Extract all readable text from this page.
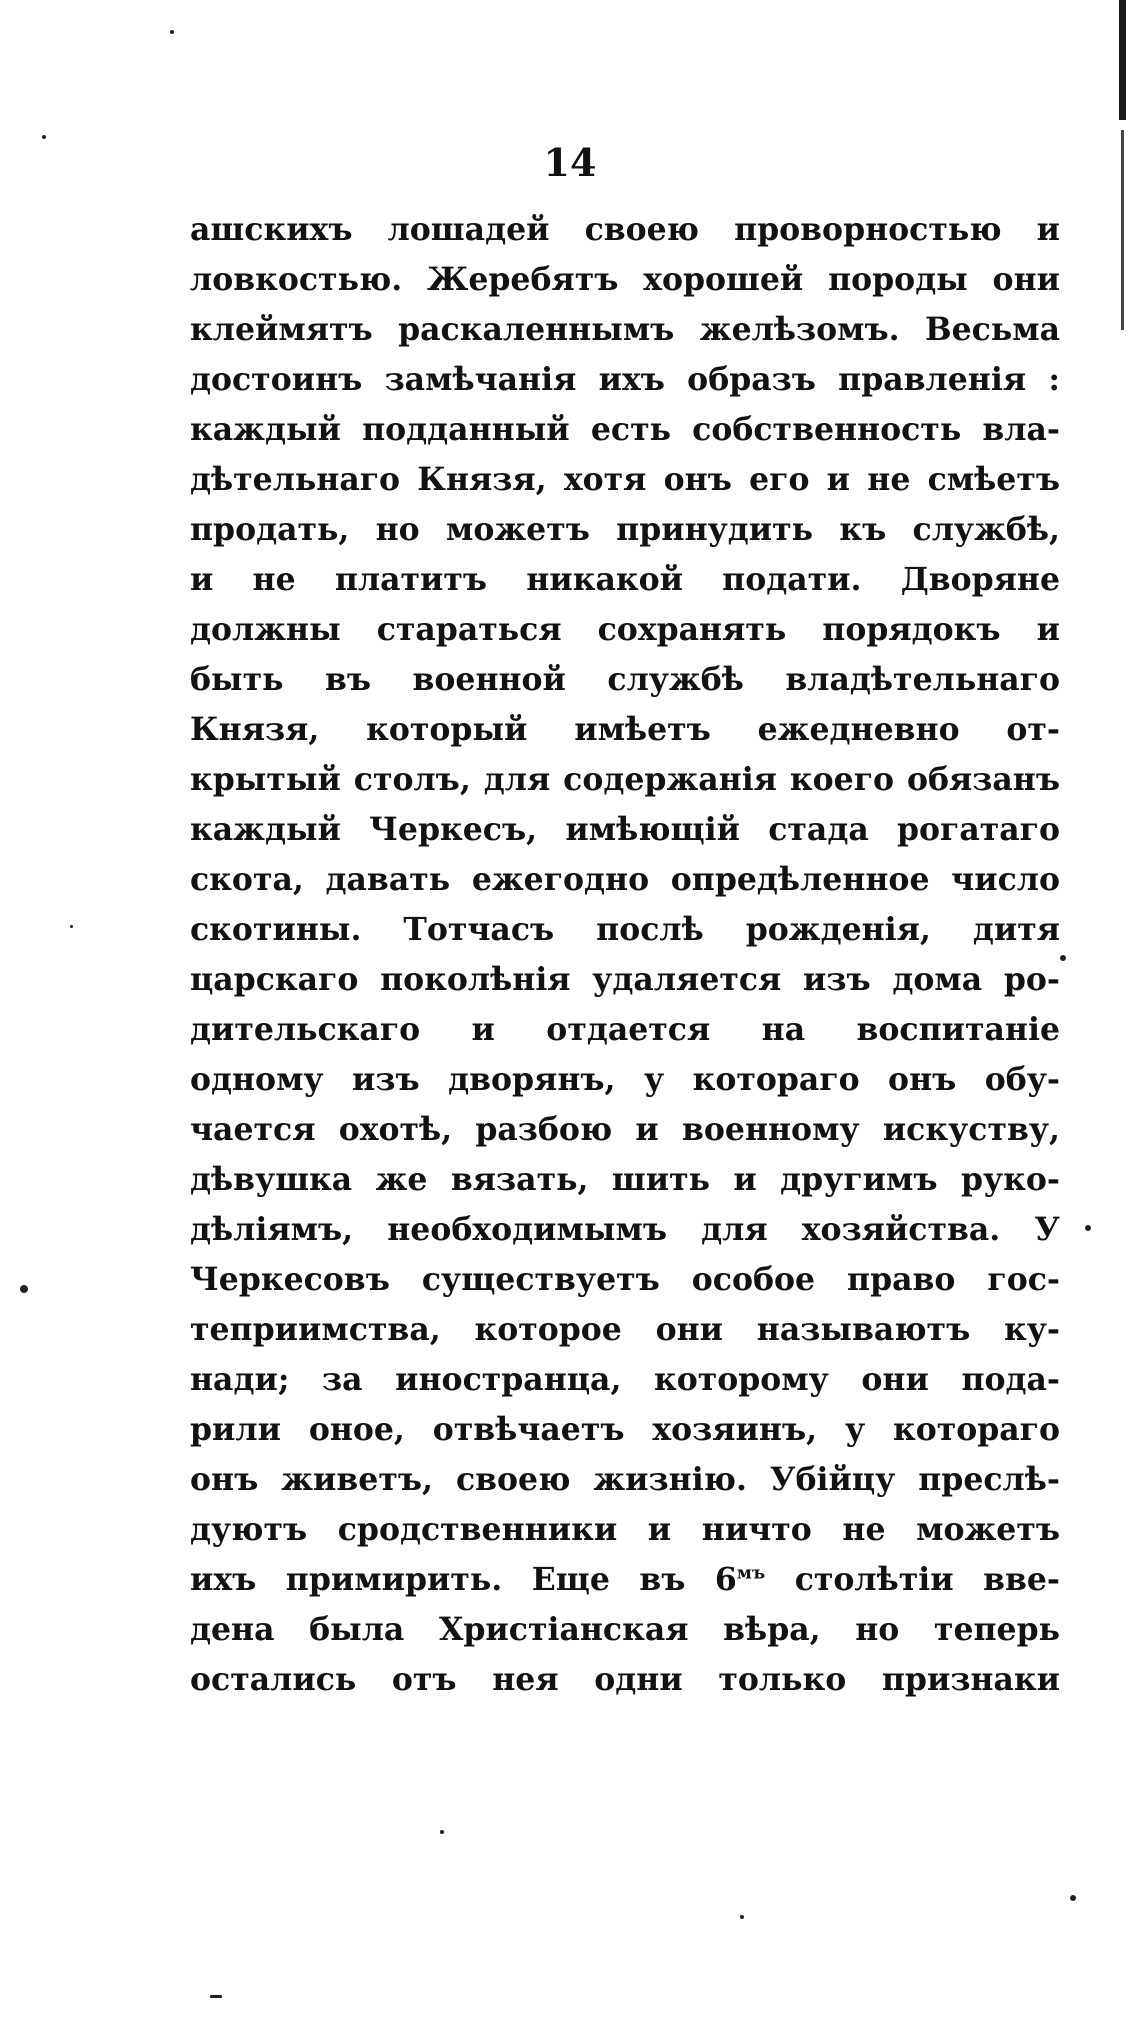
14
ашскихъ лошадей своею проворностью и
ловкостью. Жеребятъ хорошей породы они
клеймятъ раскаленнымъ желѣзомъ. Весьма
достоинъ замѣчанія ихъ образъ правленія :
каждый подданный есть собственность вла-
дѣтельнаго Князя, хотя онъ его и не смѣетъ
продать, но можетъ принудить къ службѣ,
и не платитъ никакой подати. Дворяне
должны стараться сохранять порядокъ и
быть въ военной службѣ владѣтельнаго
Князя, который имѣетъ ежедневно от-
крытый столъ, для содержанія коего обязанъ
каждый Черкесъ, имѣющій стада рогатаго
скота, давать ежегодно опредѣленное число
скотины. Тотчасъ послѣ рожденія, дитя
царскаго поколѣнія удаляется изъ дома ро-
дительскаго и отдается на воспитаніе
одному изъ дворянъ, у котораго онъ обу-
чается охотѣ, разбою и военному искуству,
дѣвушка же вязать, шить и другимъ руко-
дѣліямъ, необходимымъ для хозяйства. У
Черкесовъ существуетъ особое право гос-
теприимства, которое они называютъ ку-
нади; за иностранца, которому они пода-
рили оное, отвѣчаетъ хозяинъ, у котораго
онъ живетъ, своею жизнію. Убійцу преслѣ-
дуютъ сродственники и ничто не можетъ
ихъ примирить. Еще въ $6^{мъ}$ столѣтіи вве-
дена была Христіанская вѣра, но теперь
остались отъ нея одни только признаки
